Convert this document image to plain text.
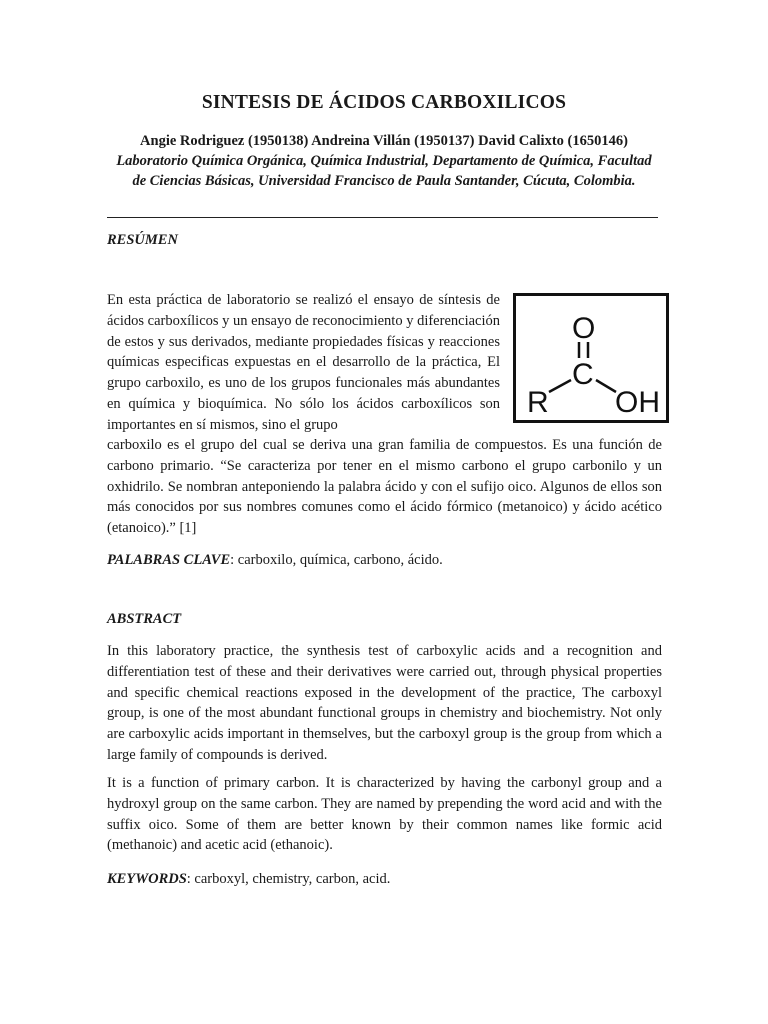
SINTESIS DE ÁCIDOS CARBOXILICOS
Angie Rodriguez (1950138) Andreina Villán (1950137) David Calixto (1650146)
Laboratorio Química Orgánica, Química Industrial, Departamento de Química, Facultad de Ciencias Básicas, Universidad Francisco de Paula Santander, Cúcuta, Colombia.
RESÚMEN

En esta práctica de laboratorio se realizó el ensayo de síntesis de ácidos carboxílicos y un ensayo de reconocimiento y diferenciación de estos y sus derivados, mediante propiedades físicas y reacciones químicas especificas expuestas en el desarrollo de la práctica, El grupo carboxilo, es uno de los grupos funcionales más abundantes en química y bioquímica. No sólo los ácidos carboxílicos son importantes en sí mismos, sino el grupo

O
C
R OH

carboxilo es el grupo del cual se deriva una gran familia de compuestos. Es una función de carbono primario. “Se caracteriza por tener en el mismo carbono el grupo carbonilo y un oxhidrilo. Se nombran anteponiendo la palabra ácido y con el sufijo oico. Algunos de ellos son más conocidos por sus nombres comunes como el ácido fórmico (metanoico) y ácido acético (etanoico).” [1]

PALABRAS CLAVE: carboxilo, química, carbono, ácido.
ABSTRACT

In this laboratory practice, the synthesis test of carboxylic acids and a recognition and differentiation test of these and their derivatives were carried out, through physical properties and specific chemical reactions exposed in the development of the practice, The carboxyl group, is one of the most abundant functional groups in chemistry and biochemistry. Not only are carboxylic acids important in themselves, but the carboxyl group is the group from which a large family of compounds is derived.

It is a function of primary carbon. It is characterized by having the carbonyl group and a hydroxyl group on the same carbon. They are named by prepending the word acid and with the suffix oico. Some of them are better known by their common names like formic acid (methanoic) and acetic acid (ethanoic).

KEYWORDS: carboxyl, chemistry, carbon, acid.
